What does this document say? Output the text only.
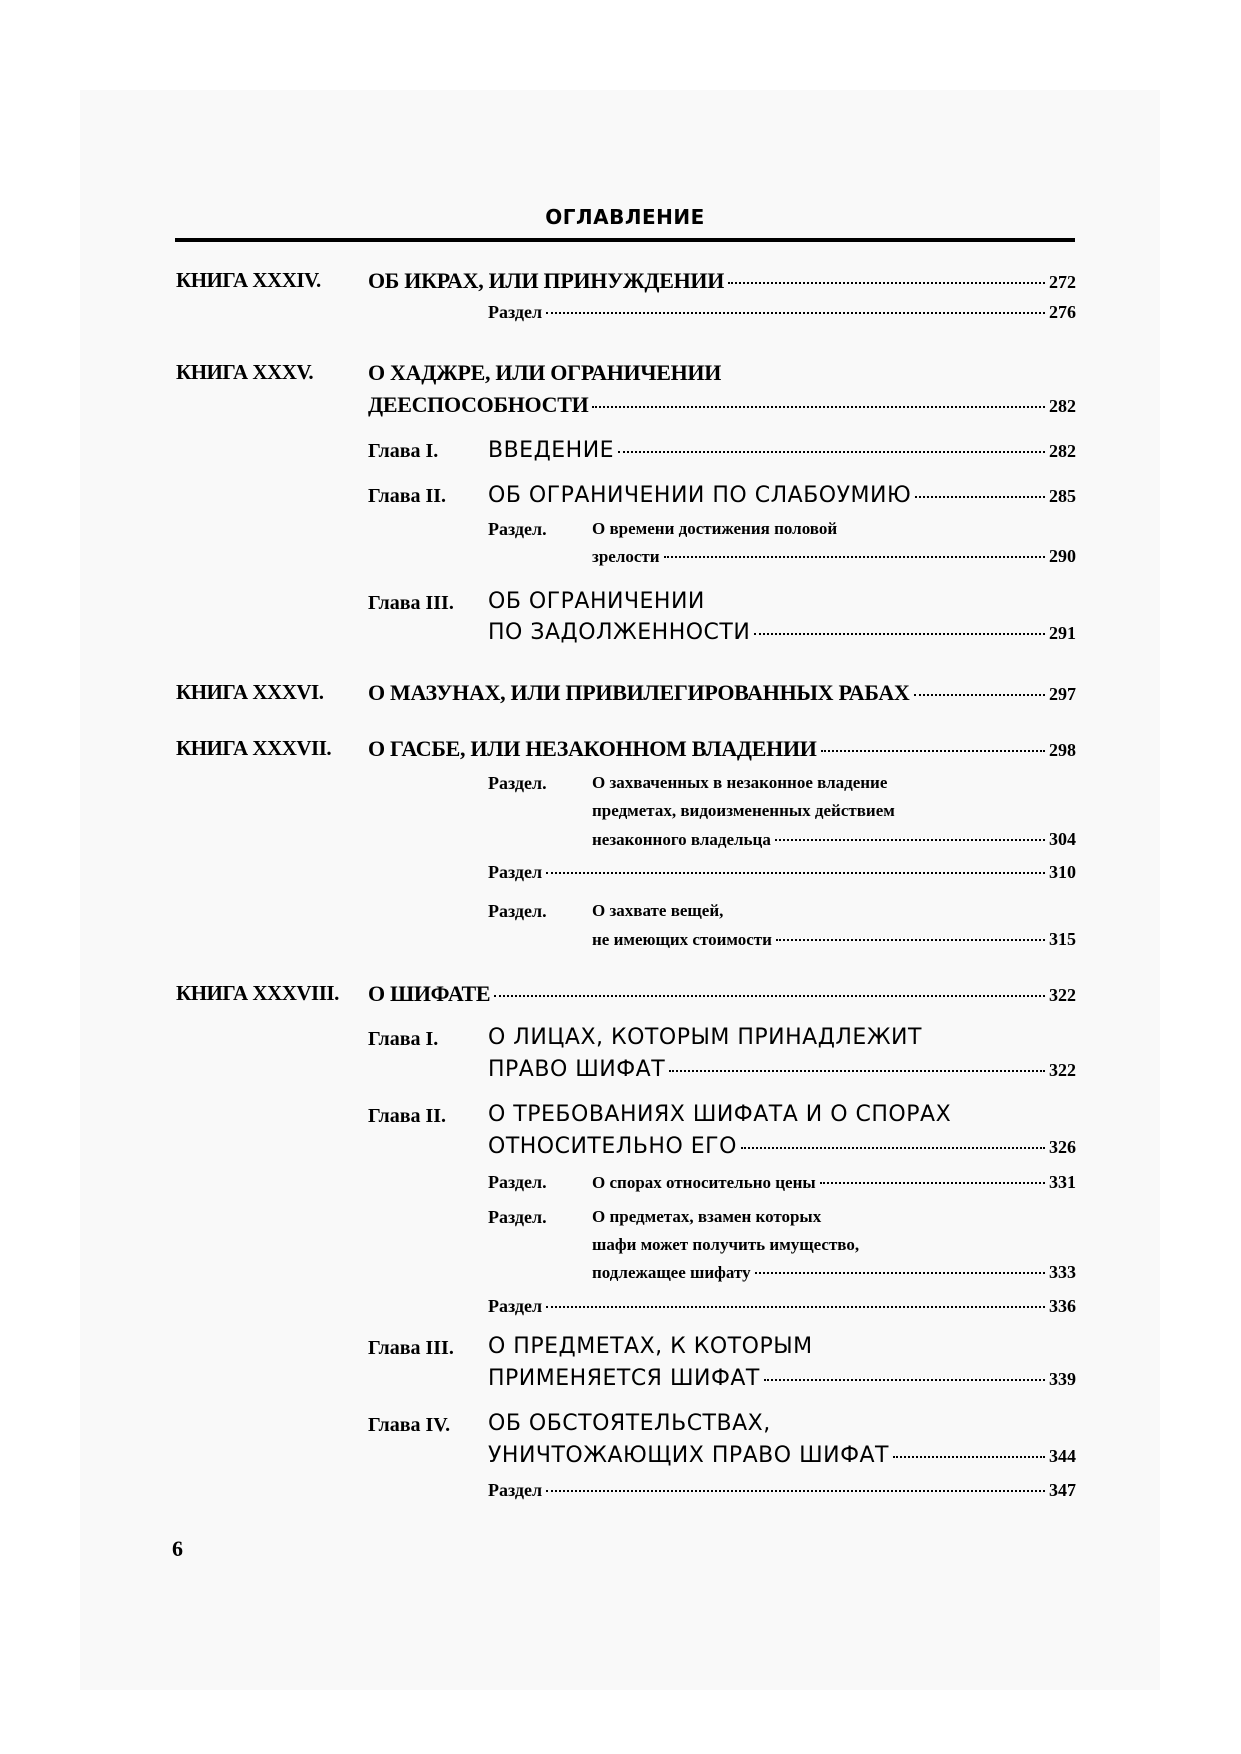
ОГЛАВЛЕНИЕ
КНИГА XXXIV. ОБ ИКРАХ, ИЛИ ПРИНУЖДЕНИИ	272
Раздел	276
КНИГА XXXV. О ХАДЖРЕ, ИЛИ ОГРАНИЧЕНИИ
ДЕЕСПОСОБНОСТИ	282
Глава I. ВВЕДЕНИЕ	282
Глава II. ОБ ОГРАНИЧЕНИИ ПО СЛАБОУМИЮ	285
Раздел.	О времени достижения половой
зрелости	290
Глава III. ОБ ОГРАНИЧЕНИИ
ПО ЗАДОЛЖЕННОСТИ	291
КНИГА XXXVI. О МАЗУНАХ, ИЛИ ПРИВИЛЕГИРОВАННЫХ РАБАХ	297
КНИГА XXXVII. О ГАСБЕ, ИЛИ НЕЗАКОННОМ ВЛАДЕНИИ	298
Раздел.	О захваченных в незаконное владение
предметах, видоизмененных действием
незаконного владельца	304
Раздел	310
Раздел.	О захвате вещей,
не имеющих стоимости	315
КНИГА XXXVIII. О ШИФАТЕ	322
Глава I. О ЛИЦАХ, КОТОРЫМ ПРИНАДЛЕЖИТ
ПРАВО ШИФАТ	322
Глава II. О ТРЕБОВАНИЯХ ШИФАТА И О СПОРАХ
ОТНОСИТЕЛЬНО ЕГО	326
Раздел.	О спорах относительно цены	331
Раздел.	О предметах, взамен которых
шафи может получить имущество,
подлежащее шифату	333
Раздел	336
Глава III. О ПРЕДМЕТАХ, К КОТОРЫМ
ПРИМЕНЯЕТСЯ ШИФАТ	339
Глава IV. ОБ ОБСТОЯТЕЛЬСТВАХ,
УНИЧТОЖАЮЩИХ ПРАВО ШИФАТ	344
Раздел	347
6
